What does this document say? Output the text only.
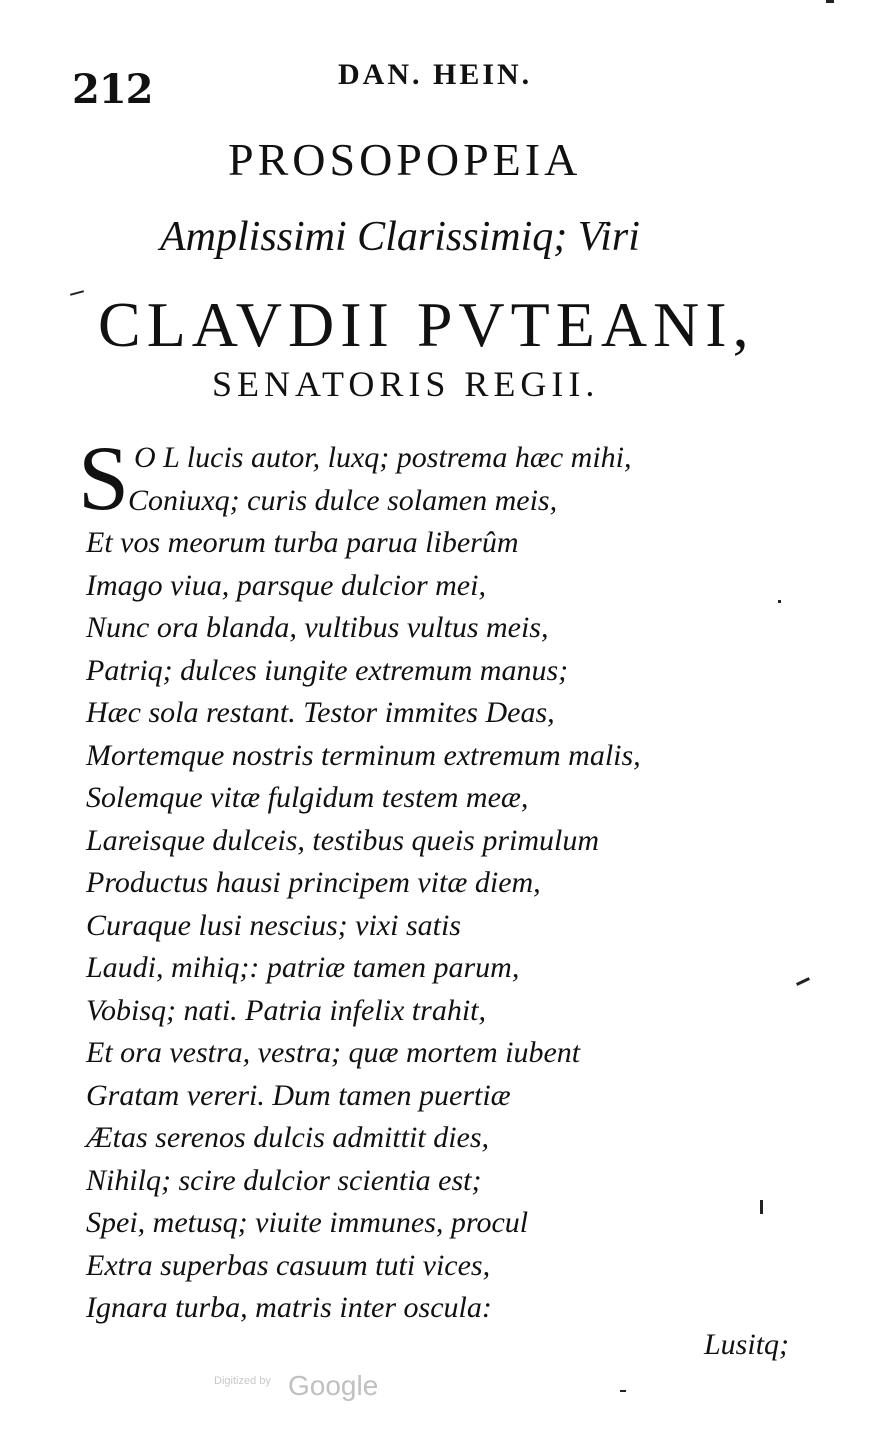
212	DAN. HEIN.
PROSOPOPEIA
Amplissimi Clarissimiq; Viri
CLAVDII PVTEANI,
SENATORIS REGII.
S O L lucis autor, luxq; postrema hæc mihi,
Coniuxq; curis dulce solamen meis,
Et vos meorum turba parua liberûm
Imago viua, parsque dulcior mei,
Nunc ora blanda, vultibus vultus meis,
Patriq; dulces iungite extremum manus;
Hæc sola restant. Testor immites Deas,
Mortemque nostris terminum extremum malis,
Solemque vitæ fulgidum testem meæ,
Lareisque dulceis, testibus queis primulum
Productus hausi principem vitæ diem,
Curaque lusi nescius; vixi satis
Laudi, mihiq;: patriæ tamen parum,
Vobisq; nati. Patria infelix trahit,
Et ora vestra, vestra; quæ mortem iubent
Gratam vereri. Dum tamen puertiæ
Ætas serenos dulcis admittit dies,
Nihilq; scire dulcior scientia est;
Spei, metusq; viuite immunes, procul
Extra superbas casuum tuti vices,
Ignara turba, matris inter oscula:
Lusitq;
Digitized by Google
